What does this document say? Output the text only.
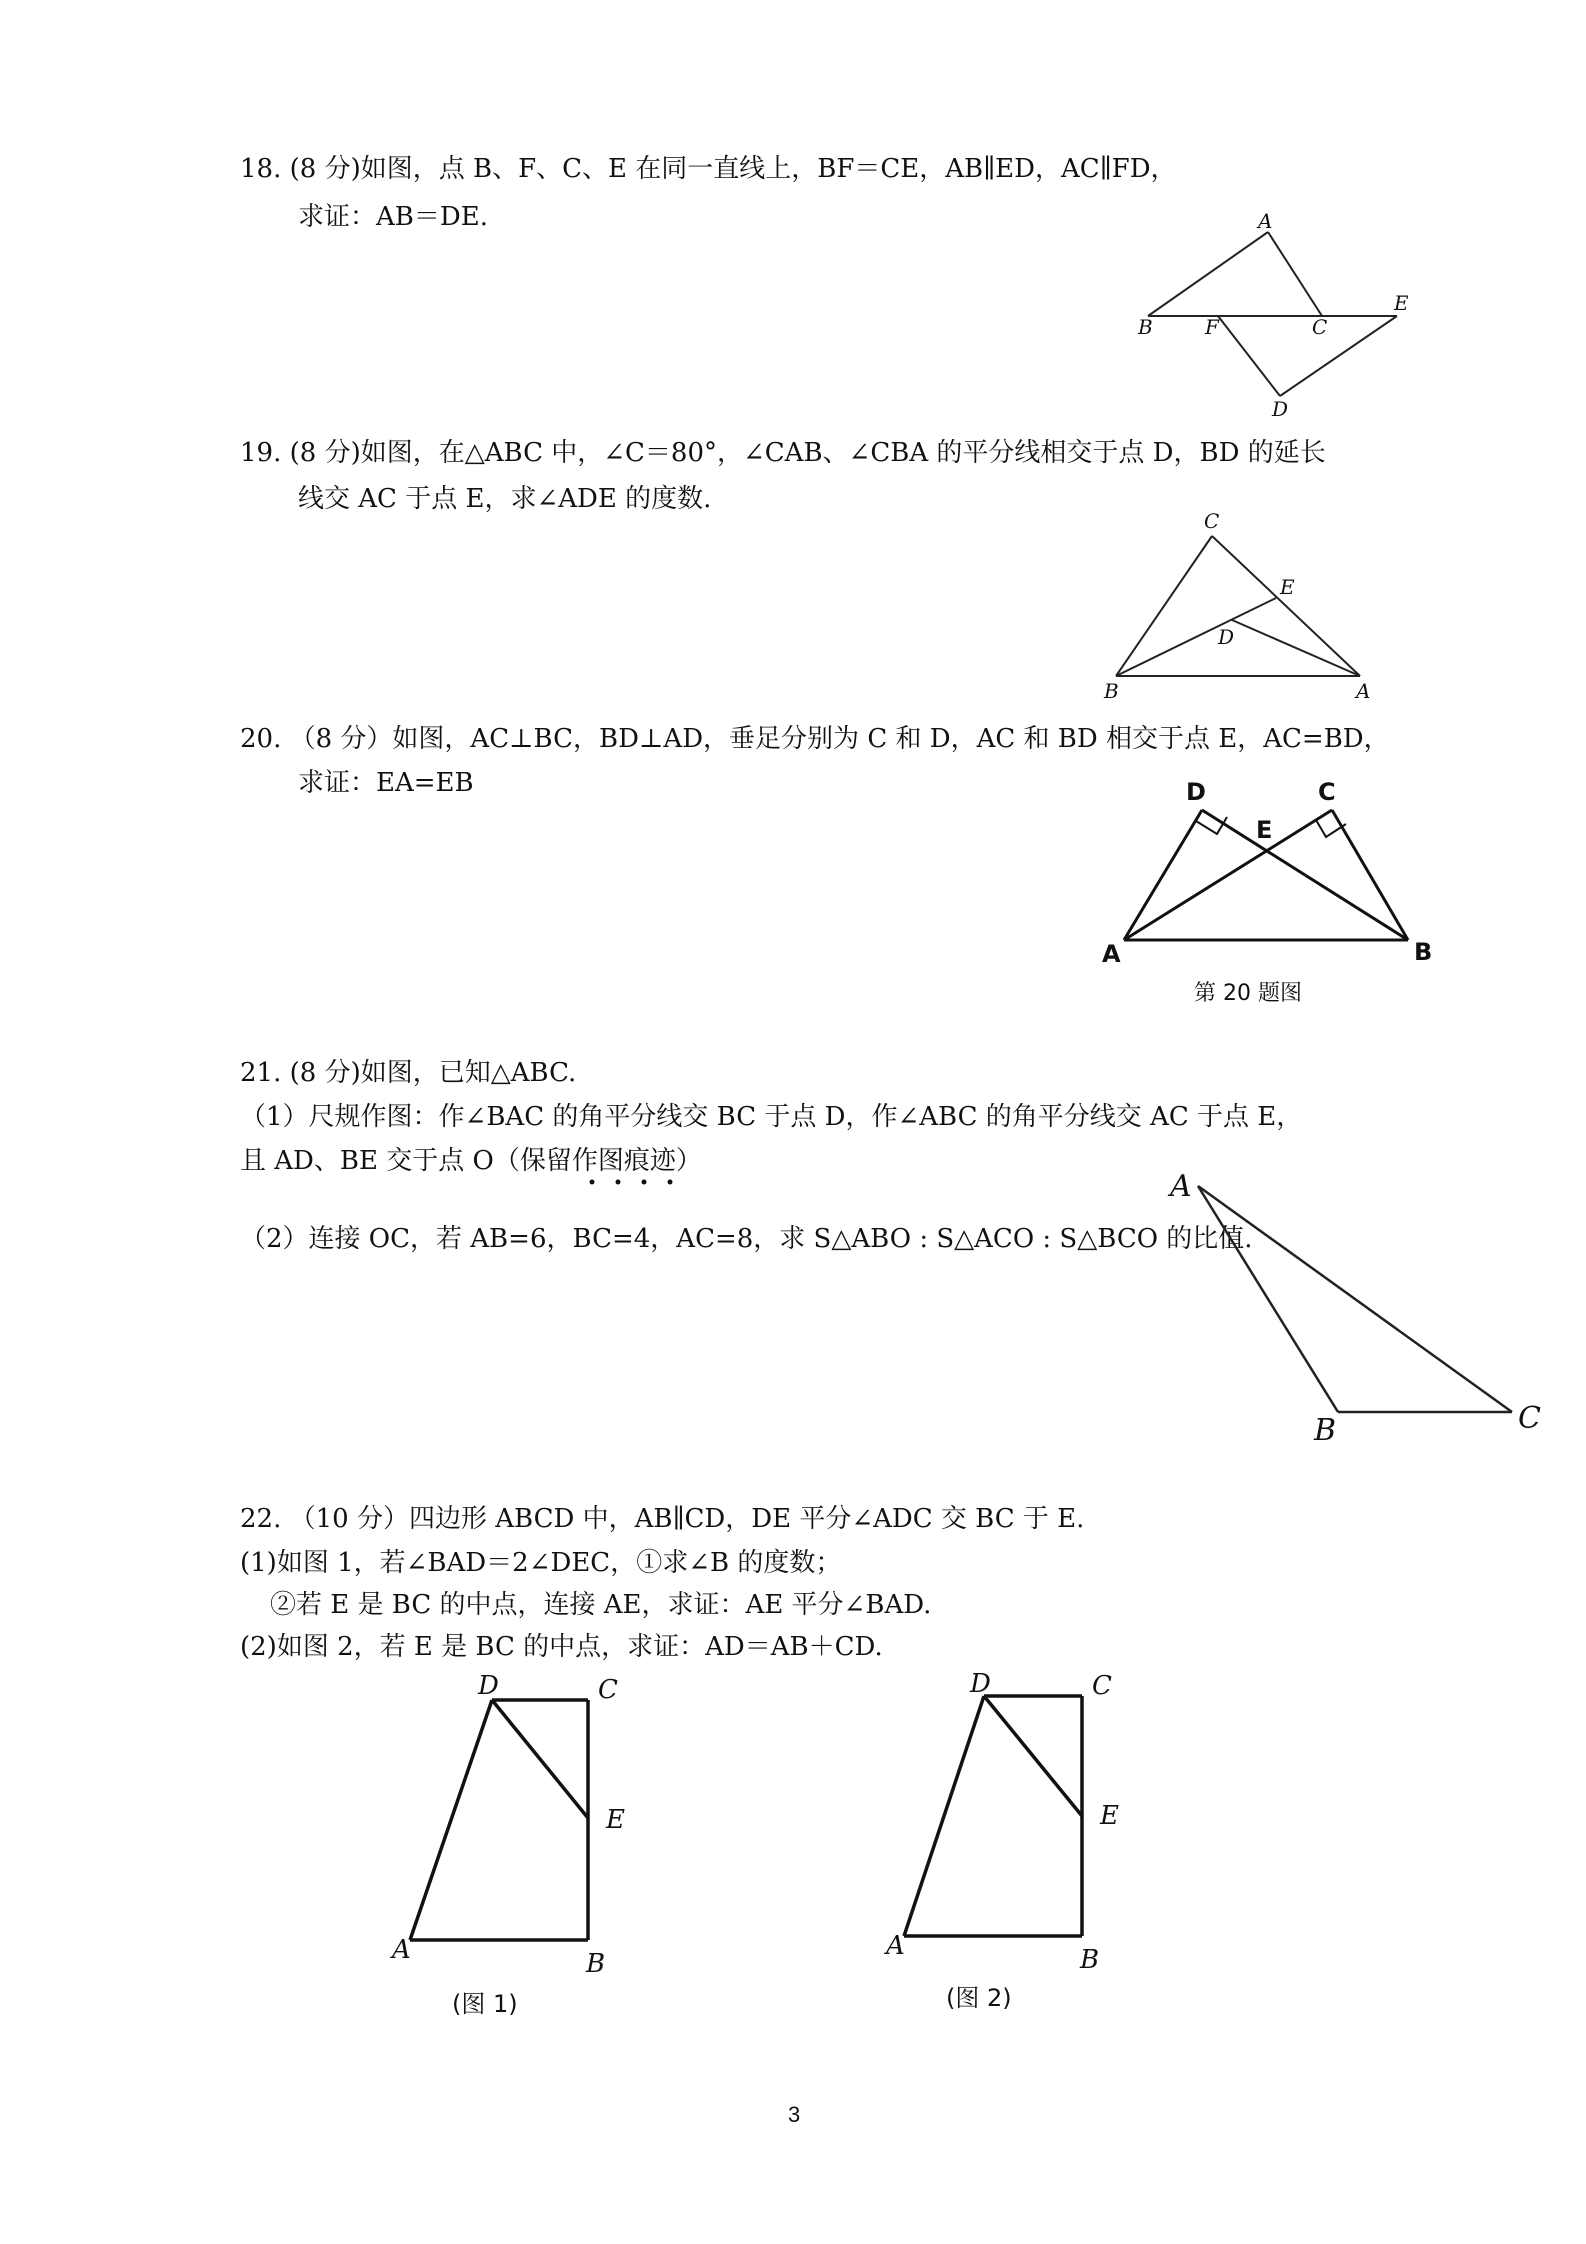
18. (8 分)如图，点 B、F、C、E 在同一直线上，BF＝CE，AB∥ED，AC∥FD，
求证：AB＝DE.	A
B	F	C
E
D
19. (8 分)如图，在△ABC 中，∠C＝80°，∠CAB、∠CBA 的平分线相交于点 D，BD 的延长
线交 AC 于点 E，求∠ADE 的度数.
C
E
D
B	A
20. （8 分）如图，AC⊥BC，BD⊥AD，垂足分别为 C 和 D，AC 和 BD 相交于点 E，AC=BD，
求证：EA=EB	D	C
E
A	B
第 20 题图
21. (8 分)如图，已知△ABC.
（1）尺规作图：作∠BAC 的角平分线交 BC 于点 D，作∠ABC 的角平分线交 AC 于点 E，
且 AD、BE 交于点 O（保留作图痕迹）
（2）连接 OC，若 AB=6，BC=4，AC=8，求 S△ABO : S△ACO : S△BCO 的比值.
A
B	C
22. （10 分）四边形 ABCD 中，AB∥CD，DE 平分∠ADC 交 BC 于 E.
(1)如图 1，若∠BAD＝2∠DEC，①求∠B 的度数；
②若 E 是 BC 的中点，连接 AE，求证：AE 平分∠BAD.
(2)如图 2，若 E 是 BC 的中点，求证：AD＝AB＋CD.
D	C
E
A	B
(图 1)
D	C
E
A	B
(图 2)
3
